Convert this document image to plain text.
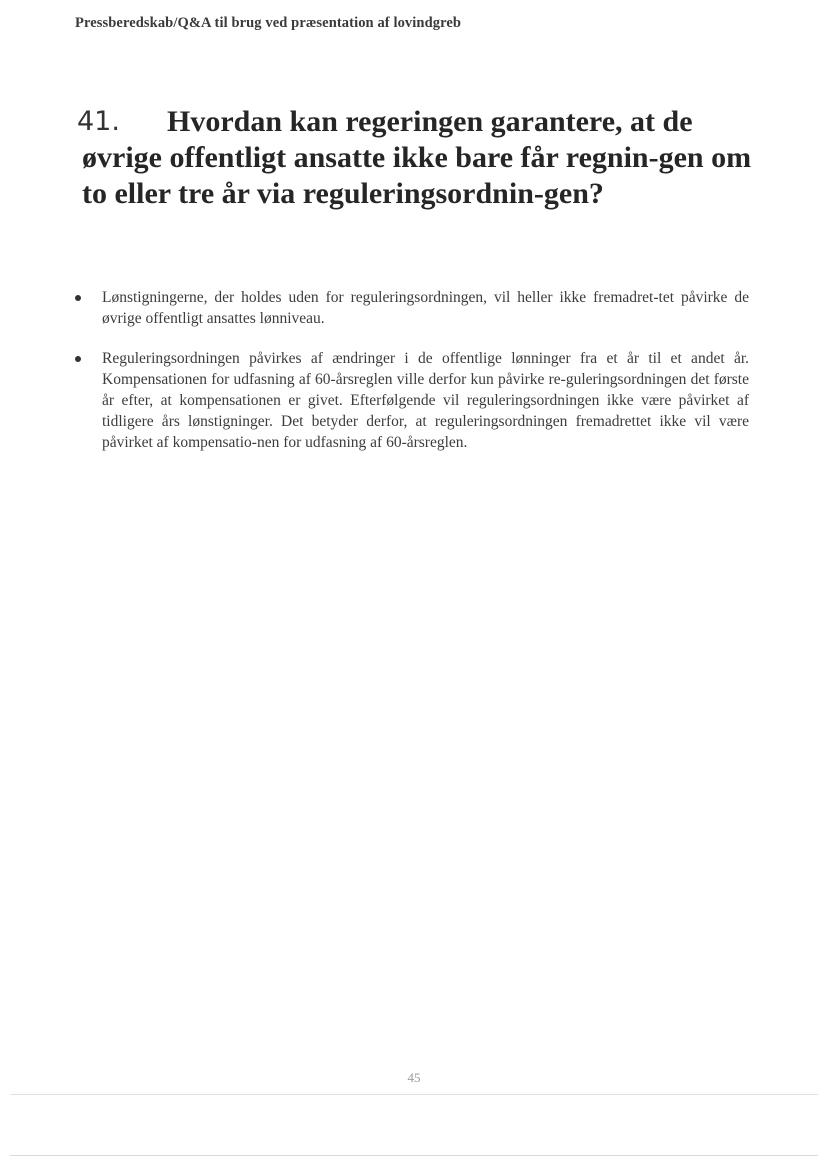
Pressberedskab/Q&A til brug ved præsentation af lovindgreb
41.	Hvordan kan regeringen garantere, at de øvrige offentligt ansatte ikke bare får regnin-gen om to eller tre år via reguleringsordnin-gen?
Lønstigningerne, der holdes uden for reguleringsordningen, vil heller ikke fremadret-tet påvirke de øvrige offentligt ansattes lønniveau.
Reguleringsordningen påvirkes af ændringer i de offentlige lønninger fra et år til et andet år. Kompensationen for udfasning af 60-årsreglen ville derfor kun påvirke re-guleringsordningen det første år efter, at kompensationen er givet. Efterfølgende vil reguleringsordningen ikke være påvirket af tidligere års lønstigninger. Det betyder derfor, at reguleringsordningen fremadrettet ikke vil være påvirket af kompensatio-nen for udfasning af 60-årsreglen.
45
